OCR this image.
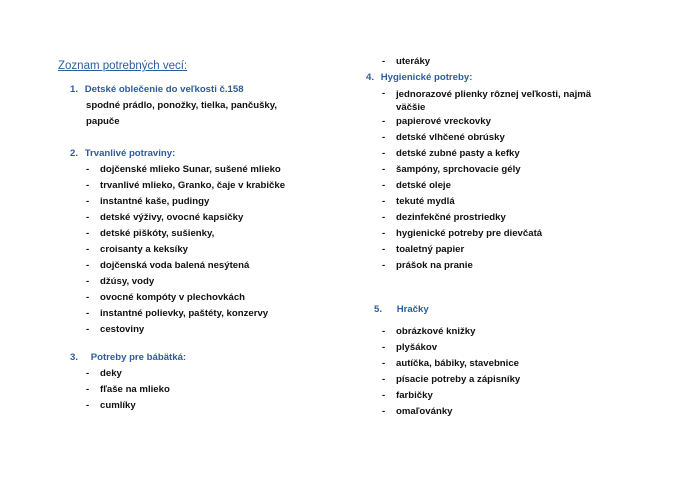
Zoznam potrebných vecí:
1. Detské oblečenie do veľkosti č.158
spodné prádlo, ponožky, tielka, pančušky,
papuče
2. Trvanlivé potraviny:
- dojčenské mlieko Sunar, sušené mlieko
- trvanlivé mlieko, Granko, čaje v krabičke
- instantné kaše, pudingy
- detské výživy, ovocné kapsičky
- detské piškóty, sušienky,
- croisanty a keksíky
- dojčenská voda balená nesýtená
- džúsy, vody
- ovocné kompóty v plechovkách
- instantné polievky, paštéty, konzervy
- cestoviny
3. Potreby pre bábätká:
- deky
- fľaše na mlieko
- cumlíky
- uteráky
4. Hygienické potreby:
- jednorazové plienky rôznej veľkosti, najmä väčšie
- papierové vreckovky
- detské vlhčené obrúsky
- detské zubné pasty a kefky
- šampóny, sprchovacie gély
- detské oleje
- tekuté mydlá
- dezinfekčné prostriedky
- hygienické potreby pre dievčatá
- toaletný papier
- prášok na pranie
5. Hračky
- obrázkové knižky
- plyšákov
- autíčka, bábiky, stavebnice
- písacie potreby a zápisníky
- farbičky
- omaľovánky
